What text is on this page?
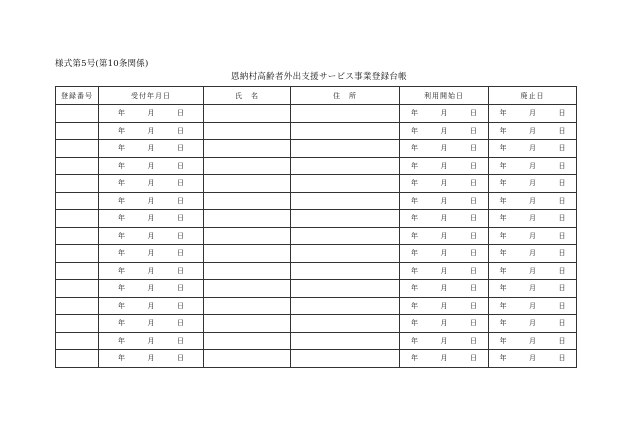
様式第5号(第10条関係)
恩納村高齢者外出支援サービス事業登録台帳
登録番号	受付年月日	氏　名	住　所	利用開始日	廃止日
	年 月 日			年 月 日	年 月 日
	年 月 日			年 月 日	年 月 日
	年 月 日			年 月 日	年 月 日
	年 月 日			年 月 日	年 月 日
	年 月 日			年 月 日	年 月 日
	年 月 日			年 月 日	年 月 日
	年 月 日			年 月 日	年 月 日
	年 月 日			年 月 日	年 月 日
	年 月 日			年 月 日	年 月 日
	年 月 日			年 月 日	年 月 日
	年 月 日			年 月 日	年 月 日
	年 月 日			年 月 日	年 月 日
	年 月 日			年 月 日	年 月 日
	年 月 日			年 月 日	年 月 日
	年 月 日			年 月 日	年 月 日
